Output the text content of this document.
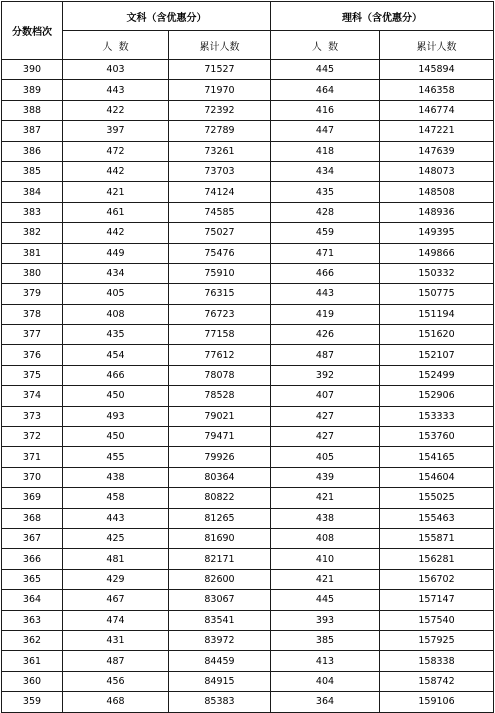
分数档次	文科（含优惠分）		理科（含优惠分）	
	人  数	累计人数	人  数	累计人数
390	403	71527	445	145894
389	443	71970	464	146358
388	422	72392	416	146774
387	397	72789	447	147221
386	472	73261	418	147639
385	442	73703	434	148073
384	421	74124	435	148508
383	461	74585	428	148936
382	442	75027	459	149395
381	449	75476	471	149866
380	434	75910	466	150332
379	405	76315	443	150775
378	408	76723	419	151194
377	435	77158	426	151620
376	454	77612	487	152107
375	466	78078	392	152499
374	450	78528	407	152906
373	493	79021	427	153333
372	450	79471	427	153760
371	455	79926	405	154165
370	438	80364	439	154604
369	458	80822	421	155025
368	443	81265	438	155463
367	425	81690	408	155871
366	481	82171	410	156281
365	429	82600	421	156702
364	467	83067	445	157147
363	474	83541	393	157540
362	431	83972	385	157925
361	487	84459	413	158338
360	456	84915	404	158742
359	468	85383	364	159106
